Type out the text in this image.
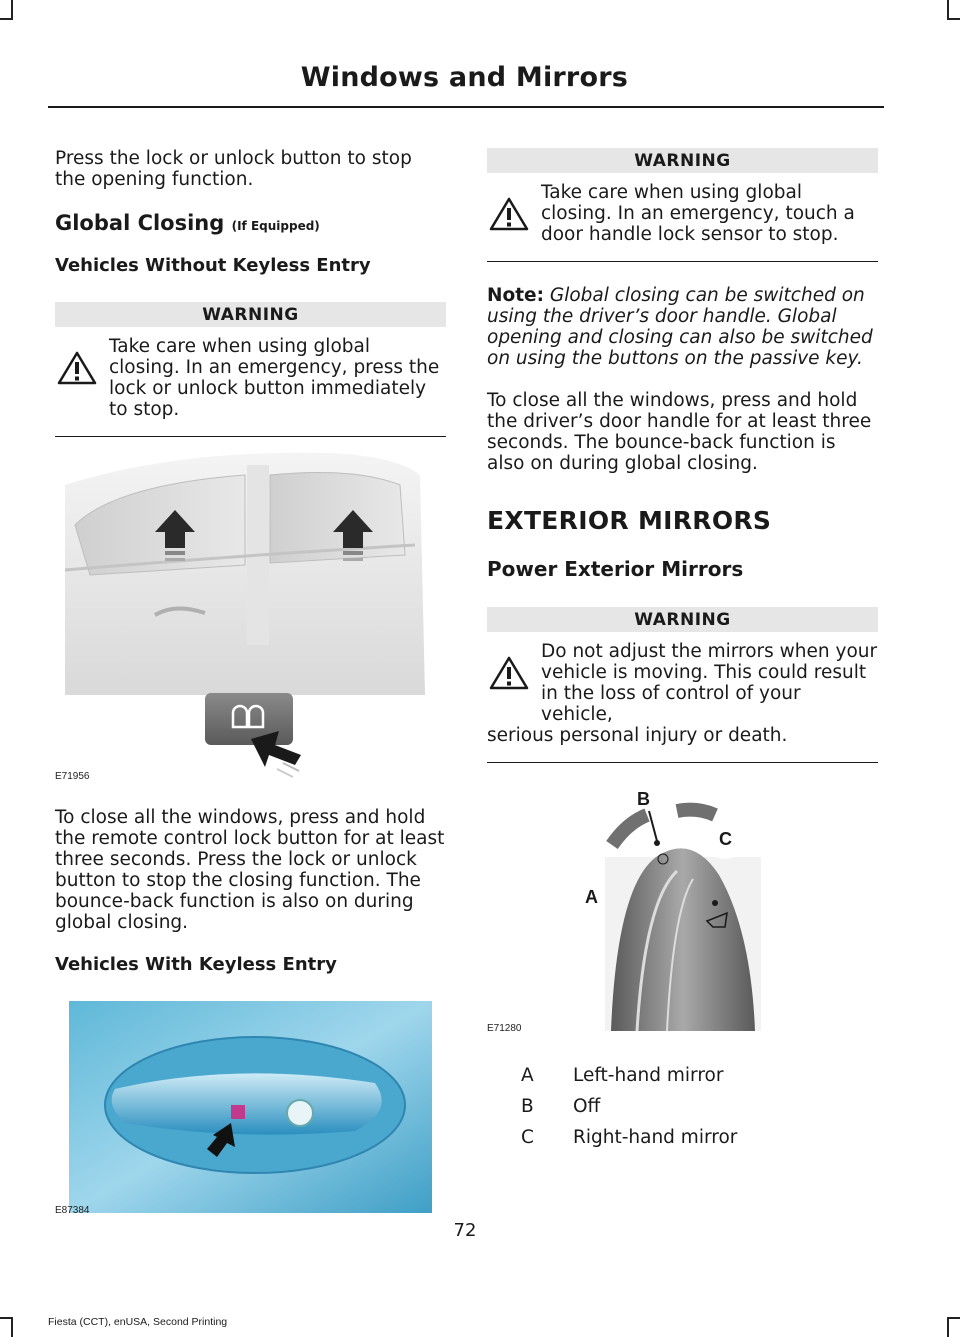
Windows and Mirrors

Press the lock or unlock button to stop the opening function.

Global Closing (If Equipped)
Vehicles Without Keyless Entry
WARNING
Take care when using global closing. In an emergency, press the lock or unlock button immediately to stop.
E71956

To close all the windows, press and hold the remote control lock button for at least three seconds. Press the lock or unlock button to stop the closing function. The bounce-back function is also on during global closing.

Vehicles With Keyless Entry
E87384
WARNING
Take care when using global closing. In an emergency, touch a door handle lock sensor to stop.

Note: Global closing can be switched on using the driver’s door handle. Global opening and closing can also be switched on using the buttons on the passive key.

To close all the windows, press and hold the driver’s door handle for at least three seconds. The bounce-back function is also on during global closing.

EXTERIOR MIRRORS
Power Exterior Mirrors
WARNING
Do not adjust the mirrors when your vehicle is moving. This could result in the loss of control of your vehicle,
serious personal injury or death.
B
C
A
E71280
A Left-hand mirror
B Off
C Right-hand mirror
72
Fiesta (CCT), enUSA, Second Printing
